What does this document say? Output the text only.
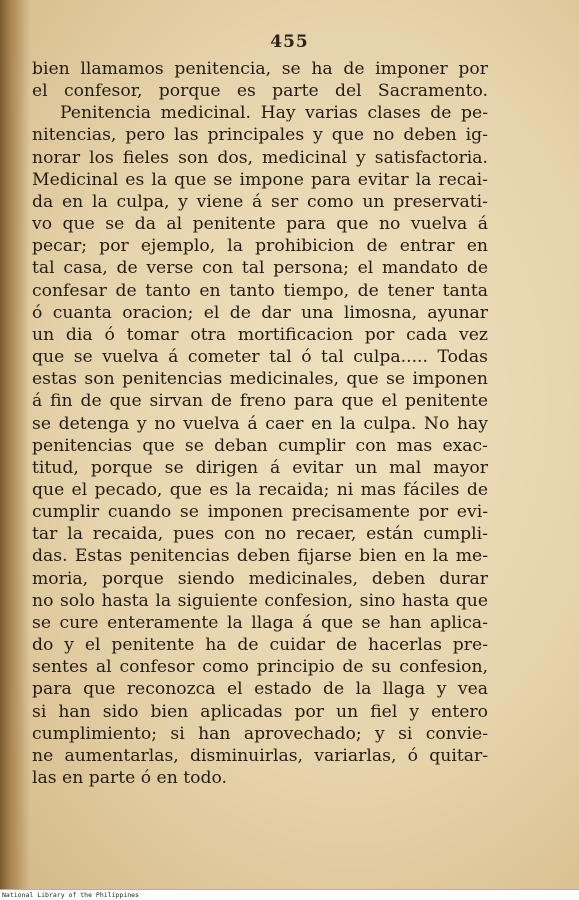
455
bien llamamos penitencia, se ha de imponer por
el confesor, porque es parte del Sacramento.
Penitencia medicinal. Hay varias clases de pe-
nitencias, pero las principales y que no deben ig-
norar los fieles son dos, medicinal y satisfactoria.
Medicinal es la que se impone para evitar la recai-
da en la culpa, y viene á ser como un preservati-
vo que se da al penitente para que no vuelva á
pecar; por ejemplo, la prohibicion de entrar en
tal casa, de verse con tal persona; el mandato de
confesar de tanto en tanto tiempo, de tener tanta
ó cuanta oracion; el de dar una limosna, ayunar
un dia ó tomar otra mortificacion por cada vez
que se vuelva á cometer tal ó tal culpa..... Todas
estas son penitencias medicinales, que se imponen
á fin de que sirvan de freno para que el penitente
se detenga y no vuelva á caer en la culpa. No hay
penitencias que se deban cumplir con mas exac-
titud, porque se dirigen á evitar un mal mayor
que el pecado, que es la recaida; ni mas fáciles de
cumplir cuando se imponen precisamente por evi-
tar la recaida, pues con no recaer, están cumpli-
das. Estas penitencias deben fijarse bien en la me-
moria, porque siendo medicinales, deben durar
no solo hasta la siguiente confesion, sino hasta que
se cure enteramente la llaga á que se han aplica-
do y el penitente ha de cuidar de hacerlas pre-
sentes al confesor como principio de su confesion,
para que reconozca el estado de la llaga y vea
si han sido bien aplicadas por un fiel y entero
cumplimiento; si han aprovechado; y si convie-
ne aumentarlas, disminuirlas, variarlas, ó quitar-
las en parte ó en todo.
National Library of the Philippines
